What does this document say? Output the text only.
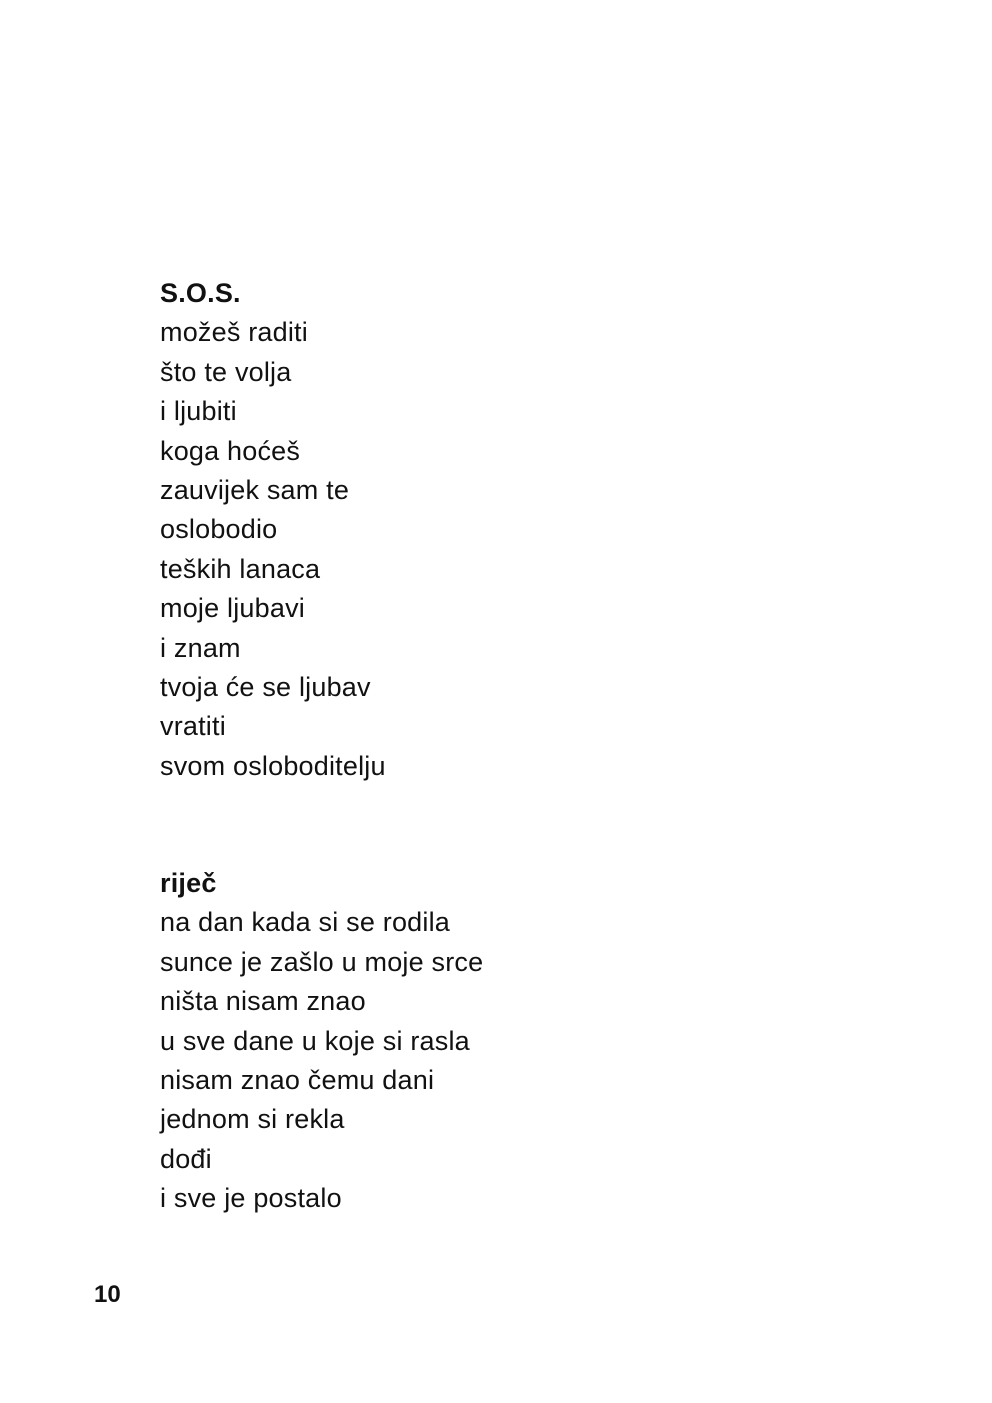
S.O.S.
možeš raditi
što te volja
i ljubiti
koga hoćeš
zauvijek sam te
oslobodio
teških lanaca
moje ljubavi
i znam
tvoja će se ljubav
vratiti
svom osloboditelju
riječ
na dan kada si se rodila
sunce je zašlo u moje srce
ništa nisam znao
u sve dane u koje si rasla
nisam znao čemu dani
jednom si rekla
dođi
i sve je postalo
10
